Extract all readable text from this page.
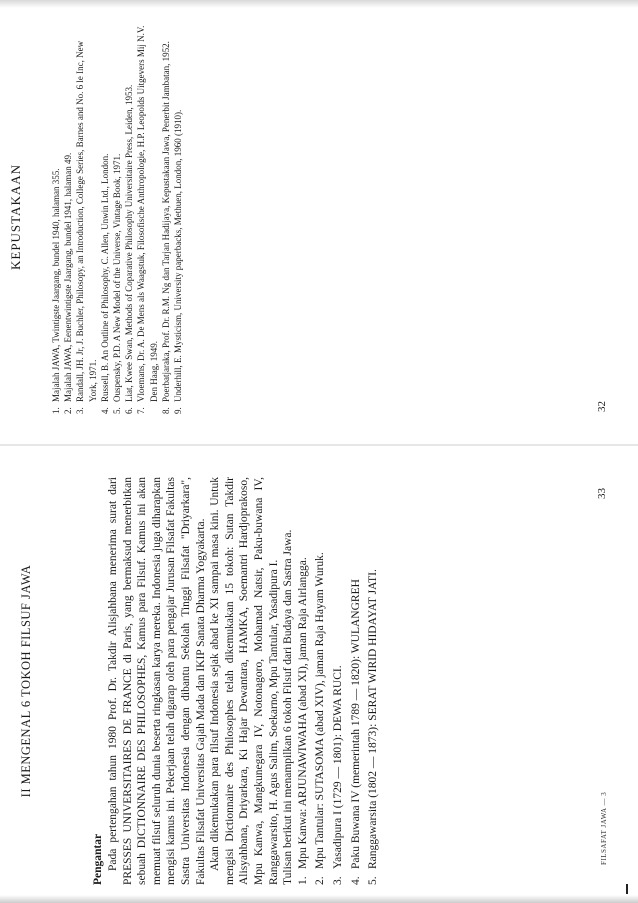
KEPUSTAKAAN
1.
Majalah JAWA, Twintigste Jaargang, bundel 1940, halaman 355.
2.
Majalah JAWA, Eenentwintigste Jaargang, bundel 1941, halaman 49.
3.
Randall, JH. Jr, J. Buchler, Philosopy, an Introduction, College Series, Barnes and No. 6 le Inc, New York, 1971.
4.
Russell, B. An Outline of Philosophy, C. Allen, Unwin Ltd., London.
5.
Ouspensky, P.D. A New Model of the Universe, Vintage Book, 1971.
6.
Liat, Kwee Swan, Methods of Coparative Philosophy Universitaire Press, Leiden, 1953.
7.
Vloemans, Dr. A. De Mens als Waagstuk, Filosofische Anthropologie, H.P. Leopolds Uitgevers Mij N.V. Den Haag, 1949.
8.
Poerbatjaraka, Prof. Dr. R.M. Ng dan Tarjan Hadijaya, Kepustakaan Jawa, Penerbit Jambatan, 1952.
9.
Underhill, E. Mysticism, University paperbacks, Methuen, London, 1960 (1910).
32
II MENGENAL 6 TOKOH FILSUF JAWA
Pengantar Pada pertengahan tahun 1980 Prof. Dr. Takdir Alisjahbana menerima surat dari PRESSES UNIVERSITAIRES DE FRANCE di Paris, yang bermaksud menerbitkan sebuah DICTIONNAIRE DES PHILOSOPHES, Kamus para Filsuf. Kamus ini akan memuat filsuf seluruh dunia beserta ringkasan karya mereka. Indonesia juga diharapkan mengisi kamus ini. Pekerjaan telah digarap oleh para pengajar Jurusan Filsafat Fakultas Sastra Universitas Indonesia dengan dibantu Sekolah Tinggi Filsafat "Driyarkara", Fakultas Filsafat Universitas Gajah Mada dan IKIP Sanata Dharma Yogyakarta. Akan dikemukakan para filsuf Indonesia sejak abad ke XI sampai masa kini. Untuk mengisi Dictionnaire des Philosophes telah dikemukakan 15 tokoh: Sutan Takdir Alisyahbana, Driyarkara, Ki Hajar Dewantara, HAMKA, Soemantri Hardjoprakoso, Mpu Kanwa, Mangkunegara IV, Notonagoro, Mohamad Natsir, Paku-buwana IV, Ranggawarsito, H. Agus Salim, Soekarno, Mpu Tantular, Yasadipura I. Tulisan berikut ini menampilkan 6 tokoh Filsuf dari Budaya dan Sastra Jawa. 1.
Mpu Kanwa: ARJUNAWIWAHA (abad XI), jaman Raja Airlangga.
2.
Mpu Tantular: SUTASOMA (abad XIV), jaman Raja Hayam Wuruk.
3.
Yasadipura I (1729 — 1801): DEWA RUCI.
4.
Paku Buwana IV (memerintah 1789 — 1820): WULANGREH
5.
Ranggawarsita (1802 — 1873): SERAT WIRID HIDAYAT JATI.	FILSAFAT JAWA — 3
33
